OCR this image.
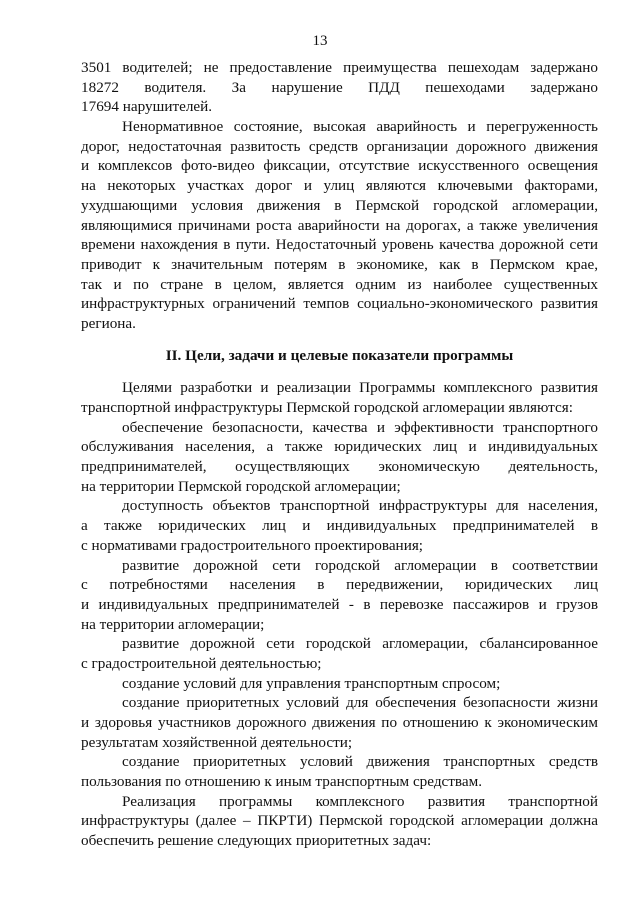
13
3501 водителей; не предоставление преимущества пешеходам задержано
18272 водителя. За нарушение ПДД пешеходами задержано
17694 нарушителей.
Ненормативное состояние, высокая аварийность и перегруженность
дорог, недостаточная развитость средств организации дорожного движения
и комплексов фото-видео фиксации, отсутствие искусственного освещения
на некоторых участках дорог и улиц являются ключевыми факторами,
ухудшающими условия движения в Пермской городской агломерации,
являющимися причинами роста аварийности на дорогах, а также увеличения
времени нахождения в пути. Недостаточный уровень качества дорожной сети
приводит к значительным потерям в экономике, как в Пермском крае,
так и по стране в целом, является одним из наиболее существенных
инфраструктурных ограничений темпов социально-экономического развития
региона.
II. Цели, задачи и целевые показатели программы
Целями разработки и реализации Программы комплексного развития
транспортной инфраструктуры Пермской городской агломерации являются:
обеспечение безопасности, качества и эффективности транспортного
обслуживания населения, а также юридических лиц и индивидуальных
предпринимателей, осуществляющих экономическую деятельность,
на территории Пермской городской агломерации;
доступность объектов транспортной инфраструктуры для населения,
а также юридических лиц и индивидуальных предпринимателей в
с нормативами градостроительного проектирования;
развитие дорожной сети городской агломерации в соответствии
с потребностями населения в передвижении, юридических лиц
и индивидуальных предпринимателей - в перевозке пассажиров и грузов
на территории агломерации;
развитие дорожной сети городской агломерации, сбалансированное
с градостроительной деятельностью;
создание условий для управления транспортным спросом;
создание приоритетных условий для обеспечения безопасности жизни
и здоровья участников дорожного движения по отношению к экономическим
результатам хозяйственной деятельности;
создание приоритетных условий движения транспортных средств
пользования по отношению к иным транспортным средствам.
Реализация программы комплексного развития транспортной
инфраструктуры (далее – ПКРТИ) Пермской городской агломерации должна
обеспечить решение следующих приоритетных задач:
